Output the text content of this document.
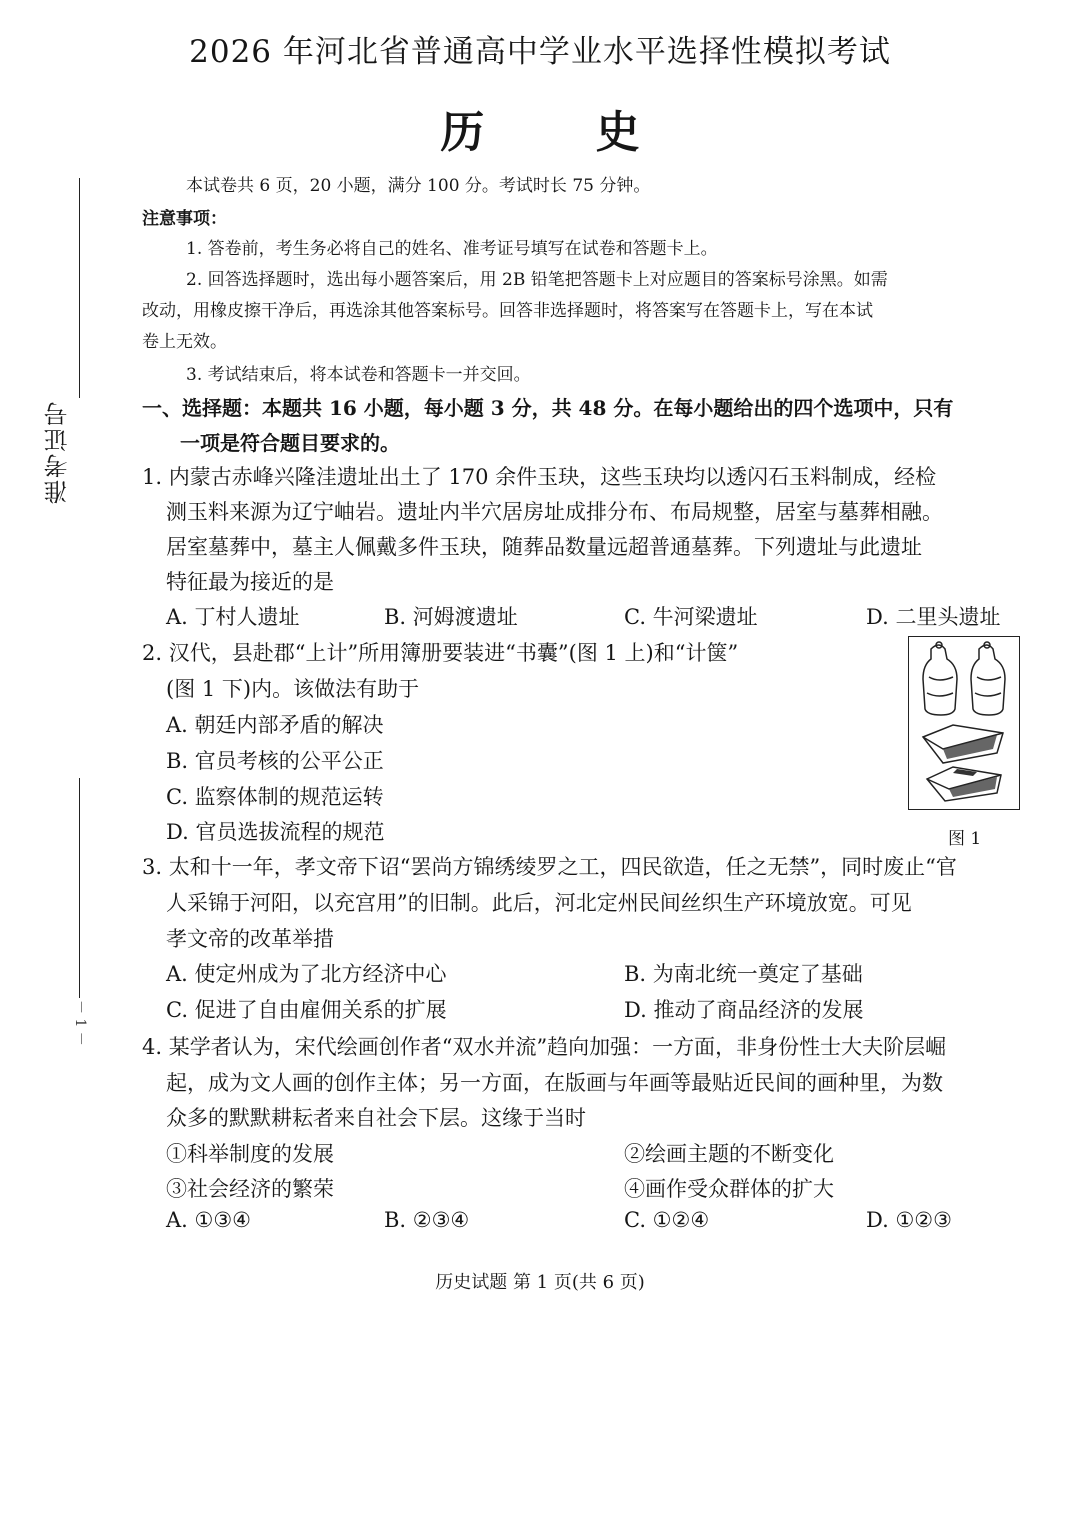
2026 年河北省普通高中学业水平选择性模拟考试
历 史
准考证号
－ 1 －
本试卷共 6 页，20 小题，满分 100 分。考试时长 75 分钟。
注意事项：
1. 答卷前，考生务必将自己的姓名、准考证号填写在试卷和答题卡上。
2. 回答选择题时，选出每小题答案后，用 2B 铅笔把答题卡上对应题目的答案标号涂黑。如需
改动，用橡皮擦干净后，再选涂其他答案标号。回答非选择题时，将答案写在答题卡上，写在本试
卷上无效。
3. 考试结束后，将本试卷和答题卡一并交回。
一、选择题：本题共 16 小题，每小题 3 分，共 48 分。在每小题给出的四个选项中，只有
一项是符合题目要求的。
1. 内蒙古赤峰兴隆洼遗址出土了 170 余件玉玦，这些玉玦均以透闪石玉料制成，经检
测玉料来源为辽宁岫岩。遗址内半穴居房址成排分布、布局规整，居室与墓葬相融。
居室墓葬中，墓主人佩戴多件玉玦，随葬品数量远超普通墓葬。下列遗址与此遗址
特征最为接近的是
A. 丁村人遗址	B. 河姆渡遗址	C. 牛河梁遗址	D. 二里头遗址
2. 汉代，县赴郡“上计”所用簿册要装进“书囊”(图 1 上)和“计箧”
(图 1 下)内。该做法有助于
A. 朝廷内部矛盾的解决
B. 官员考核的公平公正
C. 监察体制的规范运转
D. 官员选拔流程的规范	图 1
3. 太和十一年，孝文帝下诏“罢尚方锦绣绫罗之工，四民欲造，任之无禁”，同时废止“官
人采锦于河阳，以充宫用”的旧制。此后，河北定州民间丝织生产环境放宽。可见
孝文帝的改革举措
A. 使定州成为了北方经济中心	B. 为南北统一奠定了基础
C. 促进了自由雇佣关系的扩展	D. 推动了商品经济的发展
4. 某学者认为，宋代绘画创作者“双水并流”趋向加强：一方面，非身份性士大夫阶层崛
起，成为文人画的创作主体；另一方面，在版画与年画等最贴近民间的画种里，为数
众多的默默耕耘者来自社会下层。这缘于当时
①科举制度的发展	②绘画主题的不断变化
③社会经济的繁荣	④画作受众群体的扩大
A. ①③④	B. ②③④	C. ①②④	D. ①②③
历史试题 第 1 页(共 6 页)
